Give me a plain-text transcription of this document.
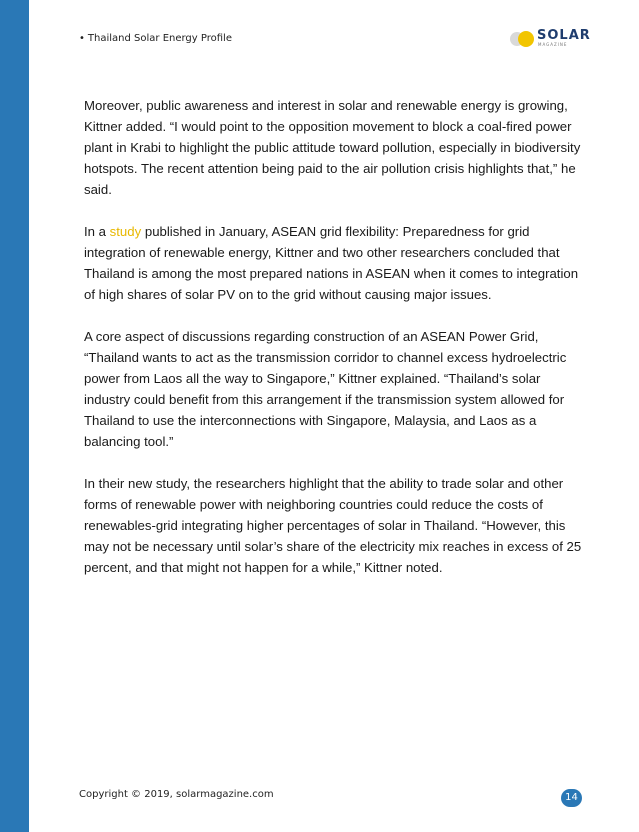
• Thailand Solar Energy Profile	SOLAR
MAGAZINE

Moreover, public awareness and interest in solar and renewable energy is growing, Kittner added. “I would point to the opposition movement to block a coal-fired power plant in Krabi to highlight the public attitude toward pollution, especially in biodiversity hotspots. The recent attention being paid to the air pollution crisis highlights that,” he said.

In a study published in January, ASEAN grid flexibility: Preparedness for grid integration of renewable energy, Kittner and two other researchers concluded that Thailand is among the most prepared nations in ASEAN when it comes to integration of high shares of solar PV on to the grid without causing major issues.

A core aspect of discussions regarding construction of an ASEAN Power Grid, “Thailand wants to act as the transmission corridor to channel excess hydroelectric power from Laos all the way to Singapore,” Kittner explained. “Thailand’s solar industry could benefit from this arrangement if the transmission system allowed for Thailand to use the interconnections with Singapore, Malaysia, and Laos as a balancing tool.”

In their new study, the researchers highlight that the ability to trade solar and other forms of renewable power with neighboring countries could reduce the costs of renewables-grid integrating higher percentages of solar in Thailand. “However, this may not be necessary until solar’s share of the electricity mix reaches in excess of 25 percent, and that might not happen for a while,” Kittner noted.

Copyright © 2019, solarmagazine.com	14
